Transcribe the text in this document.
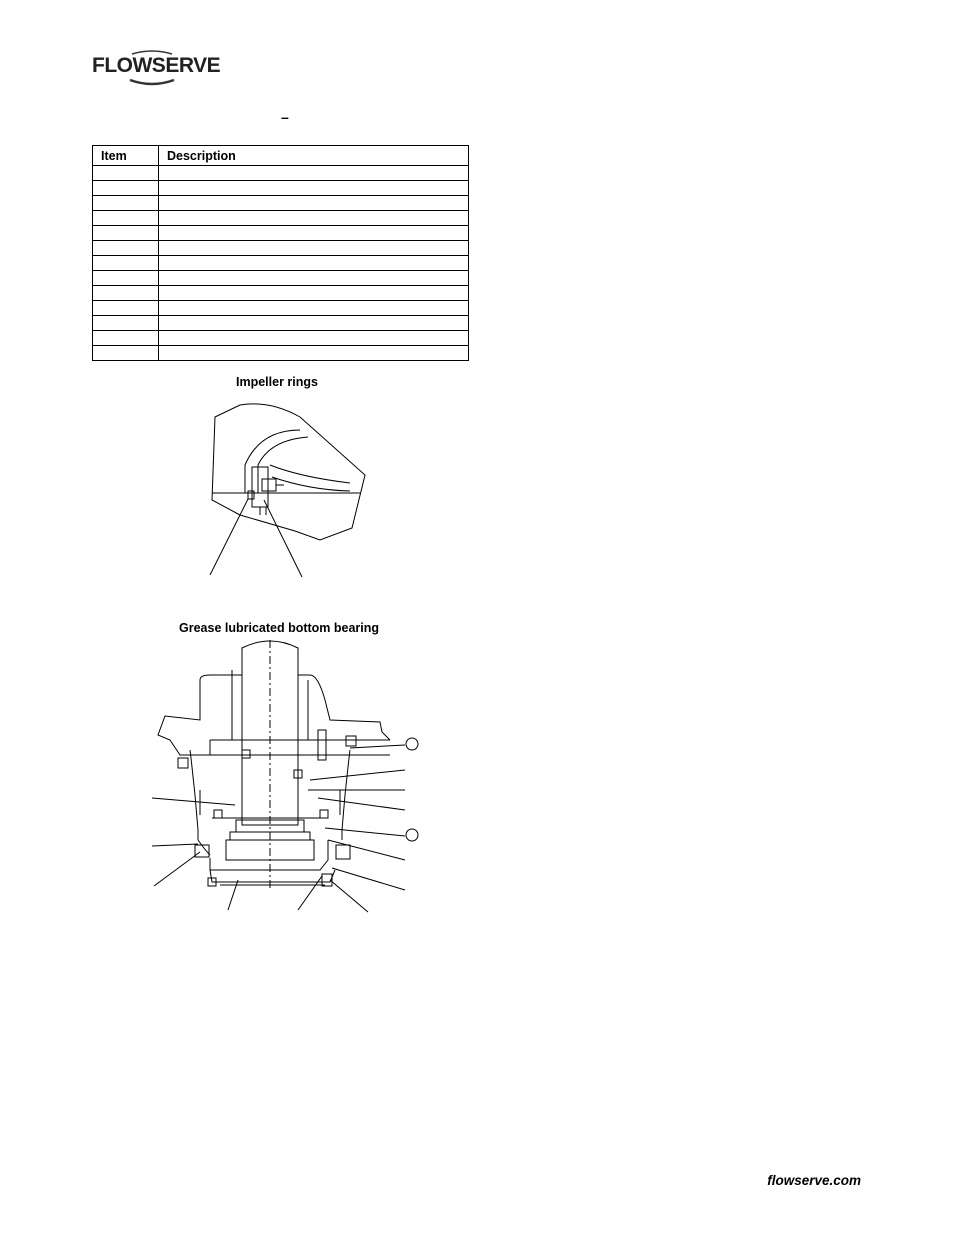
FLOWSERVE
–
Item	Description

Impeller rings
Grease lubricated bottom bearing
flowserve.com
